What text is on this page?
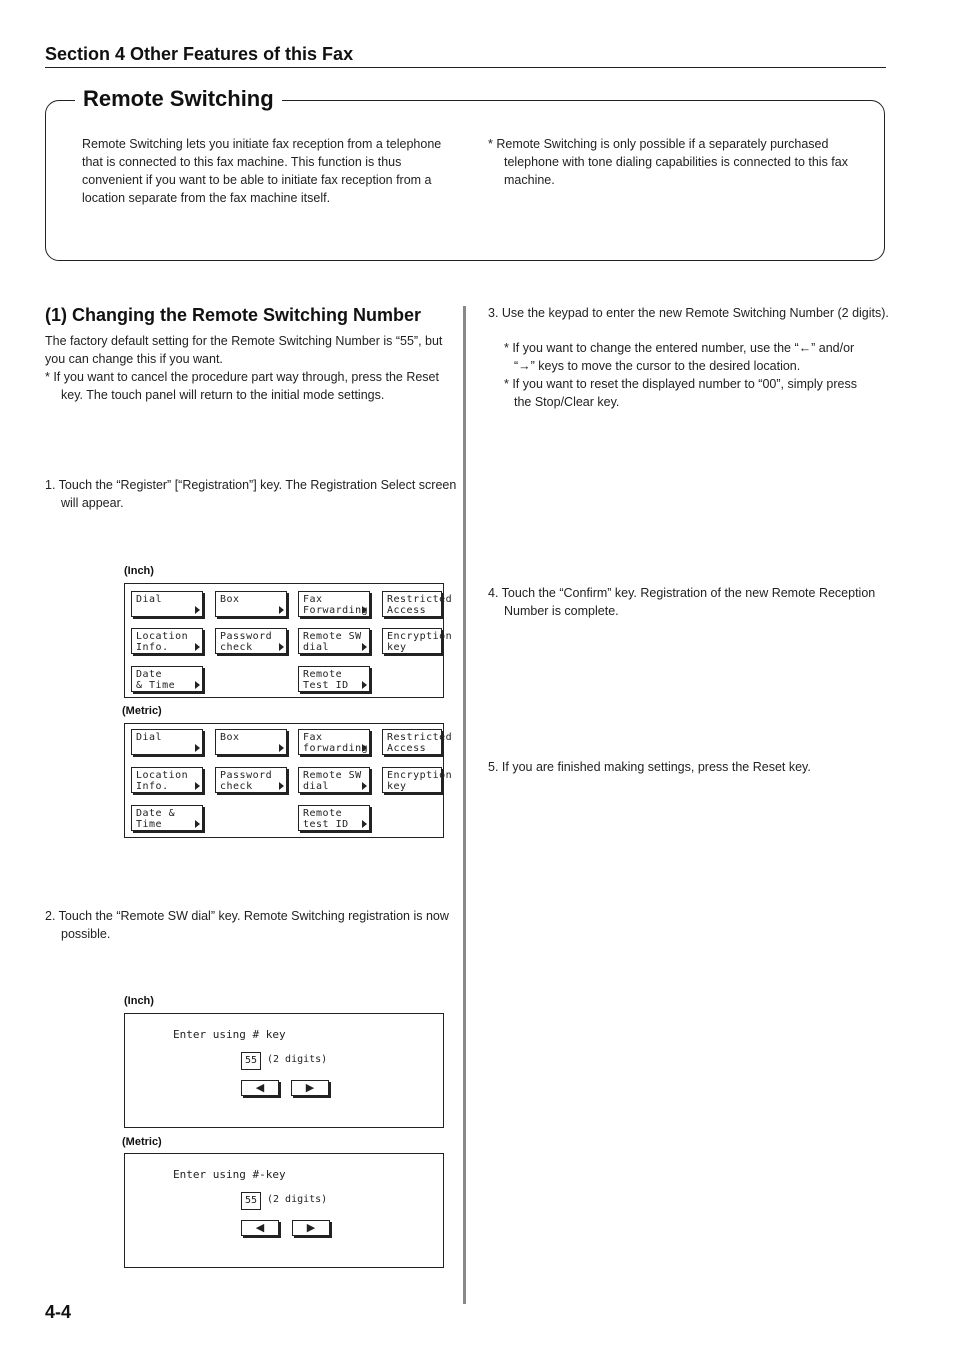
Section 4 Other Features of this Fax
Remote Switching
Remote Switching lets you initiate fax reception from a telephone that is connected to this fax machine. This function is thus convenient if you want to be able to initiate fax reception from a location separate from the fax machine itself.
* Remote Switching is only possible if a separately purchased telephone with tone dialing capabilities is connected to this fax machine.
(1) Changing the Remote Switching Number
The factory default setting for the Remote Switching Number is “55”, but you can change this if you want.
* If you want to cancel the procedure part way through, press the Reset key. The touch panel will return to the initial mode settings.
1. Touch the “Register” [“Registration”] key. The Registration Select screen will appear.
(Inch)
Dial	Box	Fax
Forwarding
Restricted
Access
Location
Info.
Password
check
Remote SW
dial
Encryption
key
Date
& Time
Remote
Test ID
(Metric)
Dial	Box	Fax
forwarding
Restricted
Access
Location
Info.
Password
check
Remote SW
dial
Encryption
key
Date &
Time
Remote
test ID
2. Touch the “Remote SW dial” key. Remote Switching registration is now possible.
(Inch)
Enter using # key
55 (2 digits)
◀	▶
(Metric)
Enter using #-key
55 (2 digits)
◀	▶
3. Use the keypad to enter the new Remote Switching Number (2 digits).
* If you want to change the entered number, use the “←” and/or “→” keys to move the cursor to the desired location.
* If you want to reset the displayed number to “00”, simply press the Stop/Clear key.
4. Touch the “Confirm” key. Registration of the new Remote Reception Number is complete.
5. If you are finished making settings, press the Reset key.
4-4
